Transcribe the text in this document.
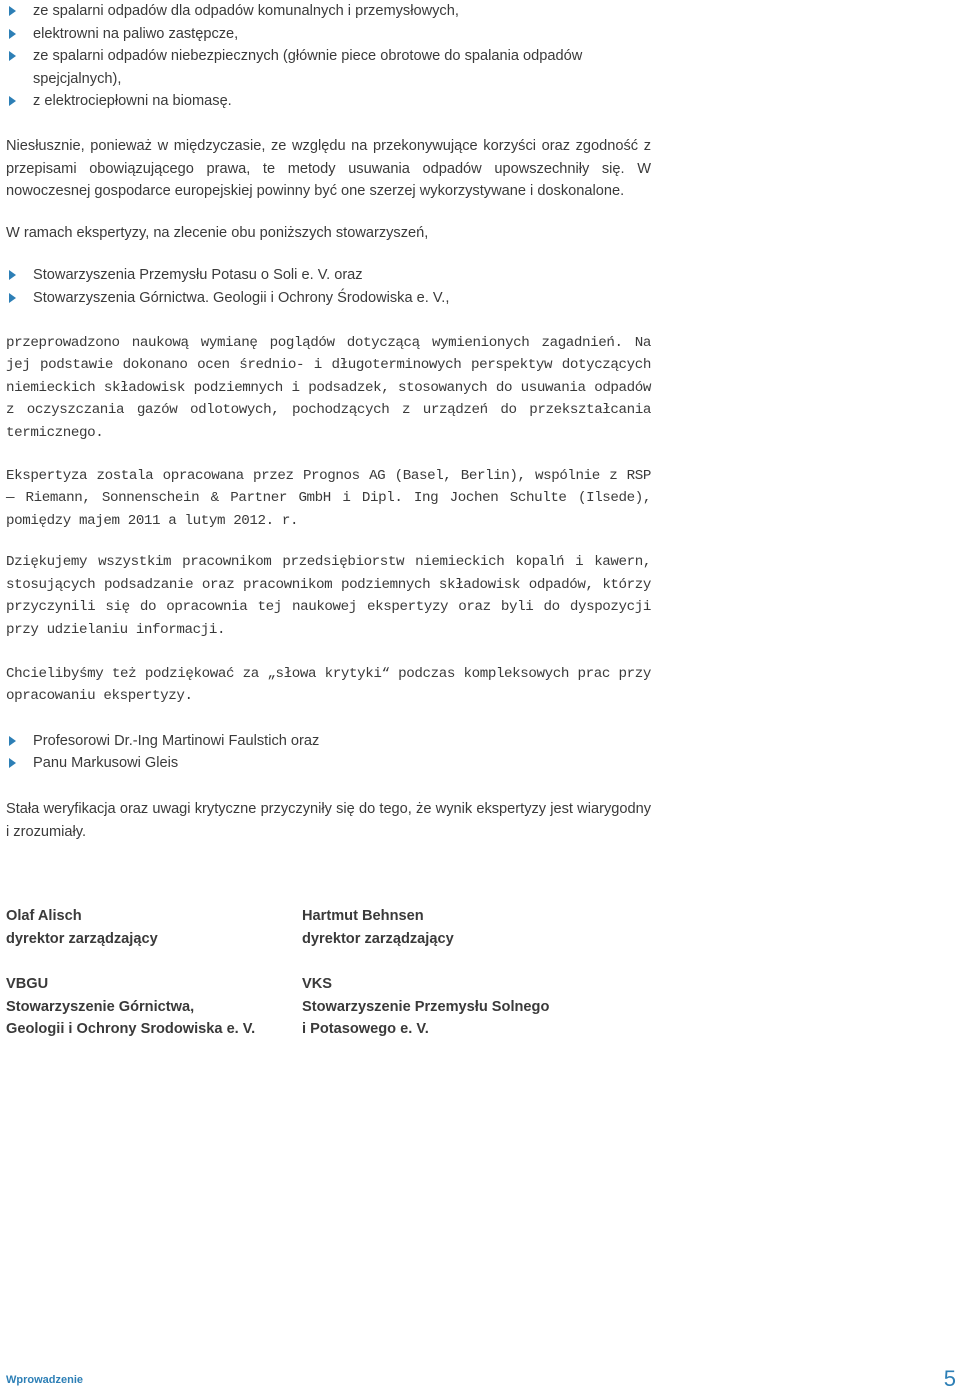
ze spalarni odpadów dla odpadów komunalnych i przemysłowych,
elektrowni na paliwo zastępcze,
ze spalarni odpadów niebezpiecznych (głównie piece obrotowe do spalania odpadów spejcjalnych),
z elektrociepłowni na biomasę.

Niesłusznie, ponieważ w międzyczasie, ze względu na przekonywujące korzyści oraz zgodność z przepisami obowiązującego prawa, te metody usuwania odpadów upowszechniły się. W nowoczesnej gospodarce europejskiej powinny być one szerzej wykorzystywane i doskonalone.

W ramach ekspertyzy, na zlecenie obu poniższych stowarzyszeń,

Stowarzyszenia Przemysłu Potasu o Soli e. V. oraz
Stowarzyszenia Górnictwa. Geologii i Ochrony Środowiska e. V.,

przeprowadzono naukową wymianę poglądów dotyczącą wymienionych zagadnień. Na jej podstawie dokonano ocen średnio- i długoterminowych perspektyw dotyczących niemieckich składowisk podziemnych i podsadzek, stosowanych do usuwania odpadów z oczyszczania gazów odlotowych, pochodzących z urządzeń do przekształcania termicznego.

Ekspertyza zostala opracowana przez Prognos AG (Basel, Berlin), wspólnie z RSP — Riemann, Sonnenschein & Partner GmbH i Dipl. Ing Jochen Schulte (Ilsede), pomiędzy majem 2011 a lutym 2012. r.

Dziękujemy wszystkim pracownikom przedsiębiorstw niemieckich kopalń i kawern, stosujących podsadzanie oraz pracownikom podziemnych składowisk odpadów, którzy przyczynili się do opracownia tej naukowej ekspertyzy oraz byli do dyspozycji przy udzielaniu informacji.

Chcielibyśmy też podziękować za „słowa krytyki“ podczas kompleksowych prac przy opracowaniu ekspertyzy.

Profesorowi Dr.-Ing Martinowi Faulstich oraz
Panu Markusowi Gleis

Stała weryfikacja oraz uwagi krytyczne przyczyniły się do tego, że wynik ekspertyzy jest wiarygodny i zrozumiały.

Olaf Alisch
dyrektor zarządzający
VBGU
Stowarzyszenie Górnictwa,
Geologii i Ochrony Srodowiska e. V.
Hartmut Behnsen
dyrektor zarządzający
VKS
Stowarzyszenie Przemysłu Solnego
i Potasowego e. V.
Wprowadzenie	5
